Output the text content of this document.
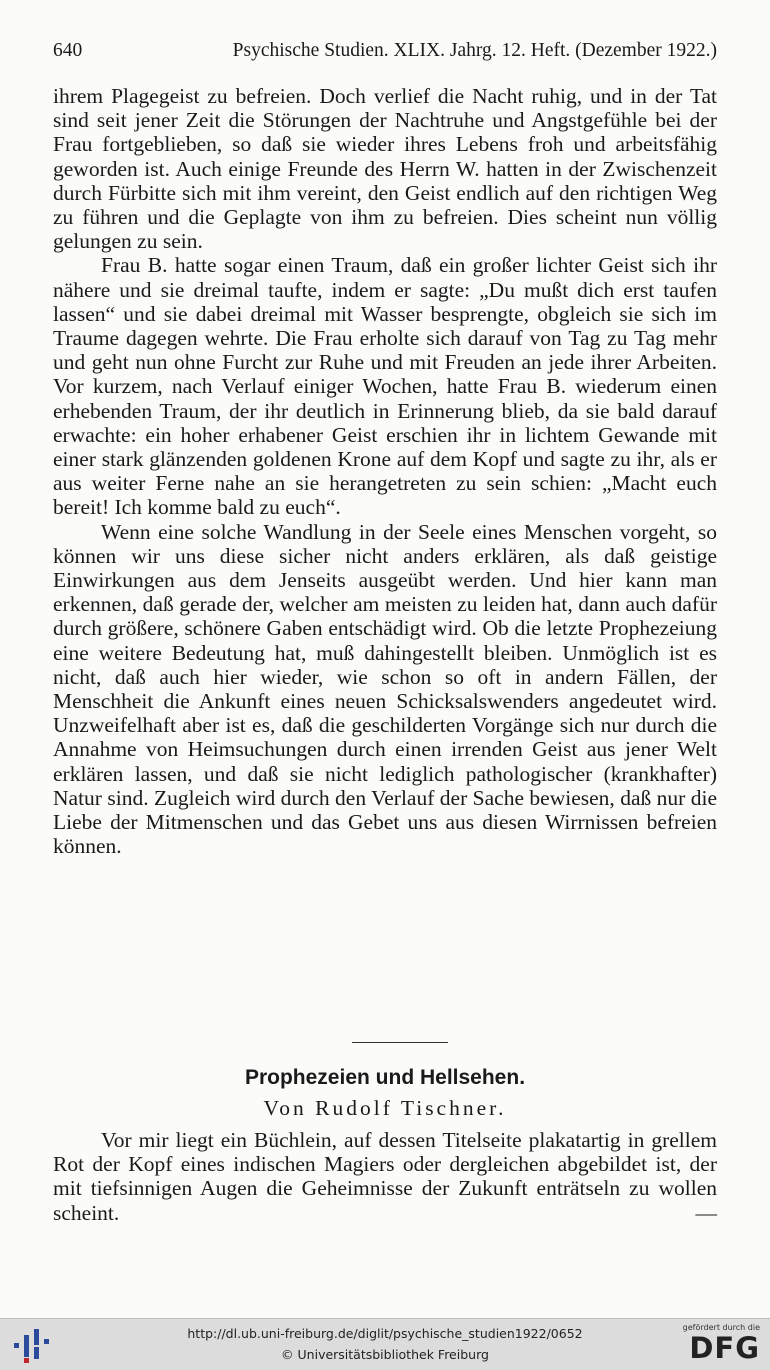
640	Psychische Studien. XLIX. Jahrg. 12. Heft. (Dezember 1922.)

ihrem Plagegeist zu befreien. Doch verlief die Nacht ruhig, und in der Tat sind seit jener Zeit die Störungen der Nachtruhe und Angstgefühle bei der Frau fortgeblieben, so daß sie wieder ihres Lebens froh und arbeitsfähig geworden ist. Auch einige Freunde des Herrn W. hatten in der Zwischenzeit durch Fürbitte sich mit ihm vereint, den Geist endlich auf den richtigen Weg zu führen und die Geplagte von ihm zu befreien. Dies scheint nun völlig gelungen zu sein.

Frau B. hatte sogar einen Traum, daß ein großer lichter Geist sich ihr nähere und sie dreimal taufte, indem er sagte: „Du mußt dich erst taufen lassen“ und sie dabei dreimal mit Wasser besprengte, obgleich sie sich im Traume dagegen wehrte. Die Frau erholte sich darauf von Tag zu Tag mehr und geht nun ohne Furcht zur Ruhe und mit Freuden an jede ihrer Arbeiten. Vor kurzem, nach Verlauf einiger Wochen, hatte Frau B. wiederum einen erhebenden Traum, der ihr deutlich in Erinnerung blieb, da sie bald darauf erwachte: ein hoher erhabener Geist erschien ihr in lichtem Gewande mit einer stark glänzenden goldenen Krone auf dem Kopf und sagte zu ihr, als er aus weiter Ferne nahe an sie herangetreten zu sein schien: „Macht euch bereit! Ich komme bald zu euch“.

Wenn eine solche Wandlung in der Seele eines Menschen vorgeht, so können wir uns diese sicher nicht anders erklären, als daß geistige Einwirkungen aus dem Jenseits ausgeübt werden. Und hier kann man erkennen, daß gerade der, welcher am meisten zu leiden hat, dann auch dafür durch größere, schönere Gaben entschädigt wird. Ob die letzte Prophezeiung eine weitere Bedeutung hat, muß dahingestellt bleiben. Unmöglich ist es nicht, daß auch hier wieder, wie schon so oft in andern Fällen, der Menschheit die Ankunft eines neuen Schicksalswenders angedeutet wird. Unzweifelhaft aber ist es, daß die geschilderten Vorgänge sich nur durch die Annahme von Heimsuchungen durch einen irrenden Geist aus jener Welt erklären lassen, und daß sie nicht lediglich pathologischer (krankhafter) Natur sind. Zugleich wird durch den Verlauf der Sache bewiesen, daß nur die Liebe der Mitmenschen und das Gebet uns aus diesen Wirrnissen befreien können.

Prophezeien und Hellsehen.
Von Rudolf Tischner.

Vor mir liegt ein Büchlein, auf dessen Titelseite plakatartig in grellem Rot der Kopf eines indischen Magiers oder dergleichen abgebildet ist, der mit tiefsinnigen Augen die Geheimnisse der Zukunft enträtseln zu wollen scheint. —

http://dl.ub.uni-freiburg.de/diglit/psychische_studien1922/0652
© Universitätsbibliothek Freiburg
gefördert durch die
DFG
